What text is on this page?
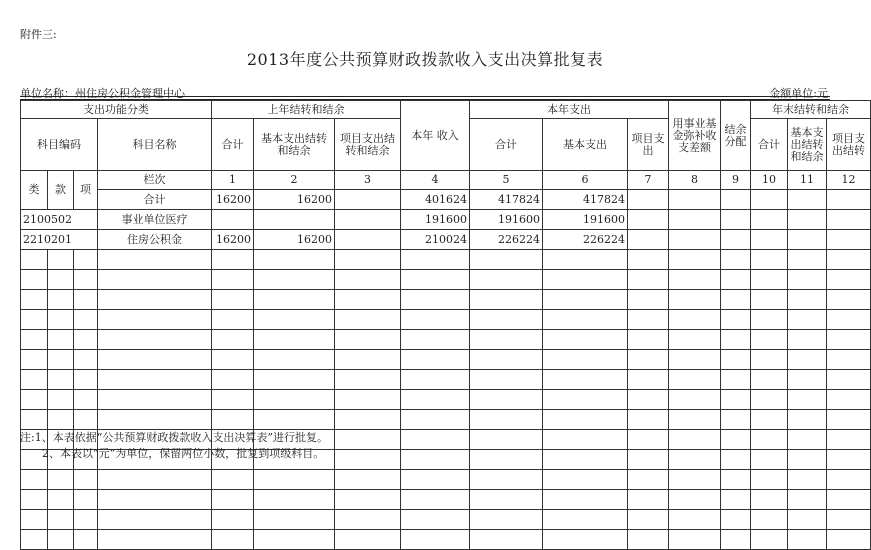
附件三:
2013年度公共预算财政拨款收入支出决算批复表
单位名称：州住房公积金管理中心	金额单位:元
支出功能分类				上年结转和结余			本年 收入	本年支出			用事业基金弥补收支差额	结余分配	年末结转和结余		
科目编码			科目名称	合计	基本支出结转和结余	项目支出结转和结余		合计	基本支出	项目支出			合计	基本支出结转和结余	项目支出结转
类	款	项	栏次	1	2	3	4	5	6	7	8	9	10	11	12
			合计	16200	16200		401624	417824	417824						
2100502			事业单位医疗				191600	191600	191600						
2210201			住房公积金	16200	16200		210024	226224	226224						

注:1、本表依据“公共预算财政拨款收入支出决算表”进行批复。
2、本表以“元”为单位，保留两位小数，批复到项级科目。
